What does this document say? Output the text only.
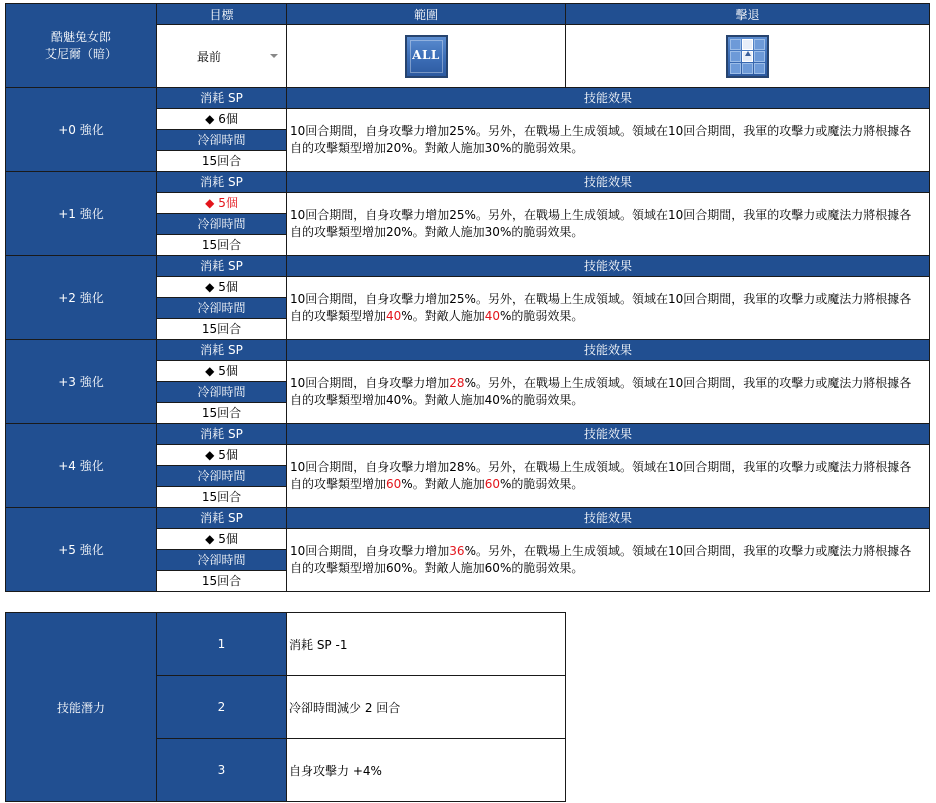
酷魅兔女郎
艾尼爾（暗）	目標	範圍	擊退
	最前	ALL	

+0 強化	消耗 SP	技能效果	
	◆ 6個	10回合期間，自身攻擊力增加25%。另外，在戰場上生成領域。領域在10回合期間，我軍的攻擊力或魔法力將根據各自的攻擊類型增加20%。對敵人施加30%的脆弱效果。	
	冷卻時間		
	15回合		
+1 強化	消耗 SP	技能效果	
	◆ 5個	10回合期間，自身攻擊力增加25%。另外，在戰場上生成領域。領域在10回合期間，我軍的攻擊力或魔法力將根據各自的攻擊類型增加20%。對敵人施加30%的脆弱效果。	
	冷卻時間		
	15回合		
+2 強化	消耗 SP	技能效果	
	◆ 5個	10回合期間，自身攻擊力增加25%。另外，在戰場上生成領域。領域在10回合期間，我軍的攻擊力或魔法力將根據各自的攻擊類型增加40%。對敵人施加40%的脆弱效果。	
	冷卻時間		
	15回合		
+3 強化	消耗 SP	技能效果	
	◆ 5個	10回合期間，自身攻擊力增加28%。另外，在戰場上生成領域。領域在10回合期間，我軍的攻擊力或魔法力將根據各自的攻擊類型增加40%。對敵人施加40%的脆弱效果。	
	冷卻時間		
	15回合		
+4 強化	消耗 SP	技能效果	
	◆ 5個	10回合期間，自身攻擊力增加28%。另外，在戰場上生成領域。領域在10回合期間，我軍的攻擊力或魔法力將根據各自的攻擊類型增加60%。對敵人施加60%的脆弱效果。	
	冷卻時間		
	15回合		
+5 強化	消耗 SP	技能效果	
	◆ 5個	10回合期間，自身攻擊力增加36%。另外，在戰場上生成領域。領域在10回合期間，我軍的攻擊力或魔法力將根據各自的攻擊類型增加60%。對敵人施加60%的脆弱效果。	
	冷卻時間		
	15回合		
技能潛力	1	消耗 SP -1
	2	冷卻時間減少 2 回合
	3	自身攻擊力 +4%
